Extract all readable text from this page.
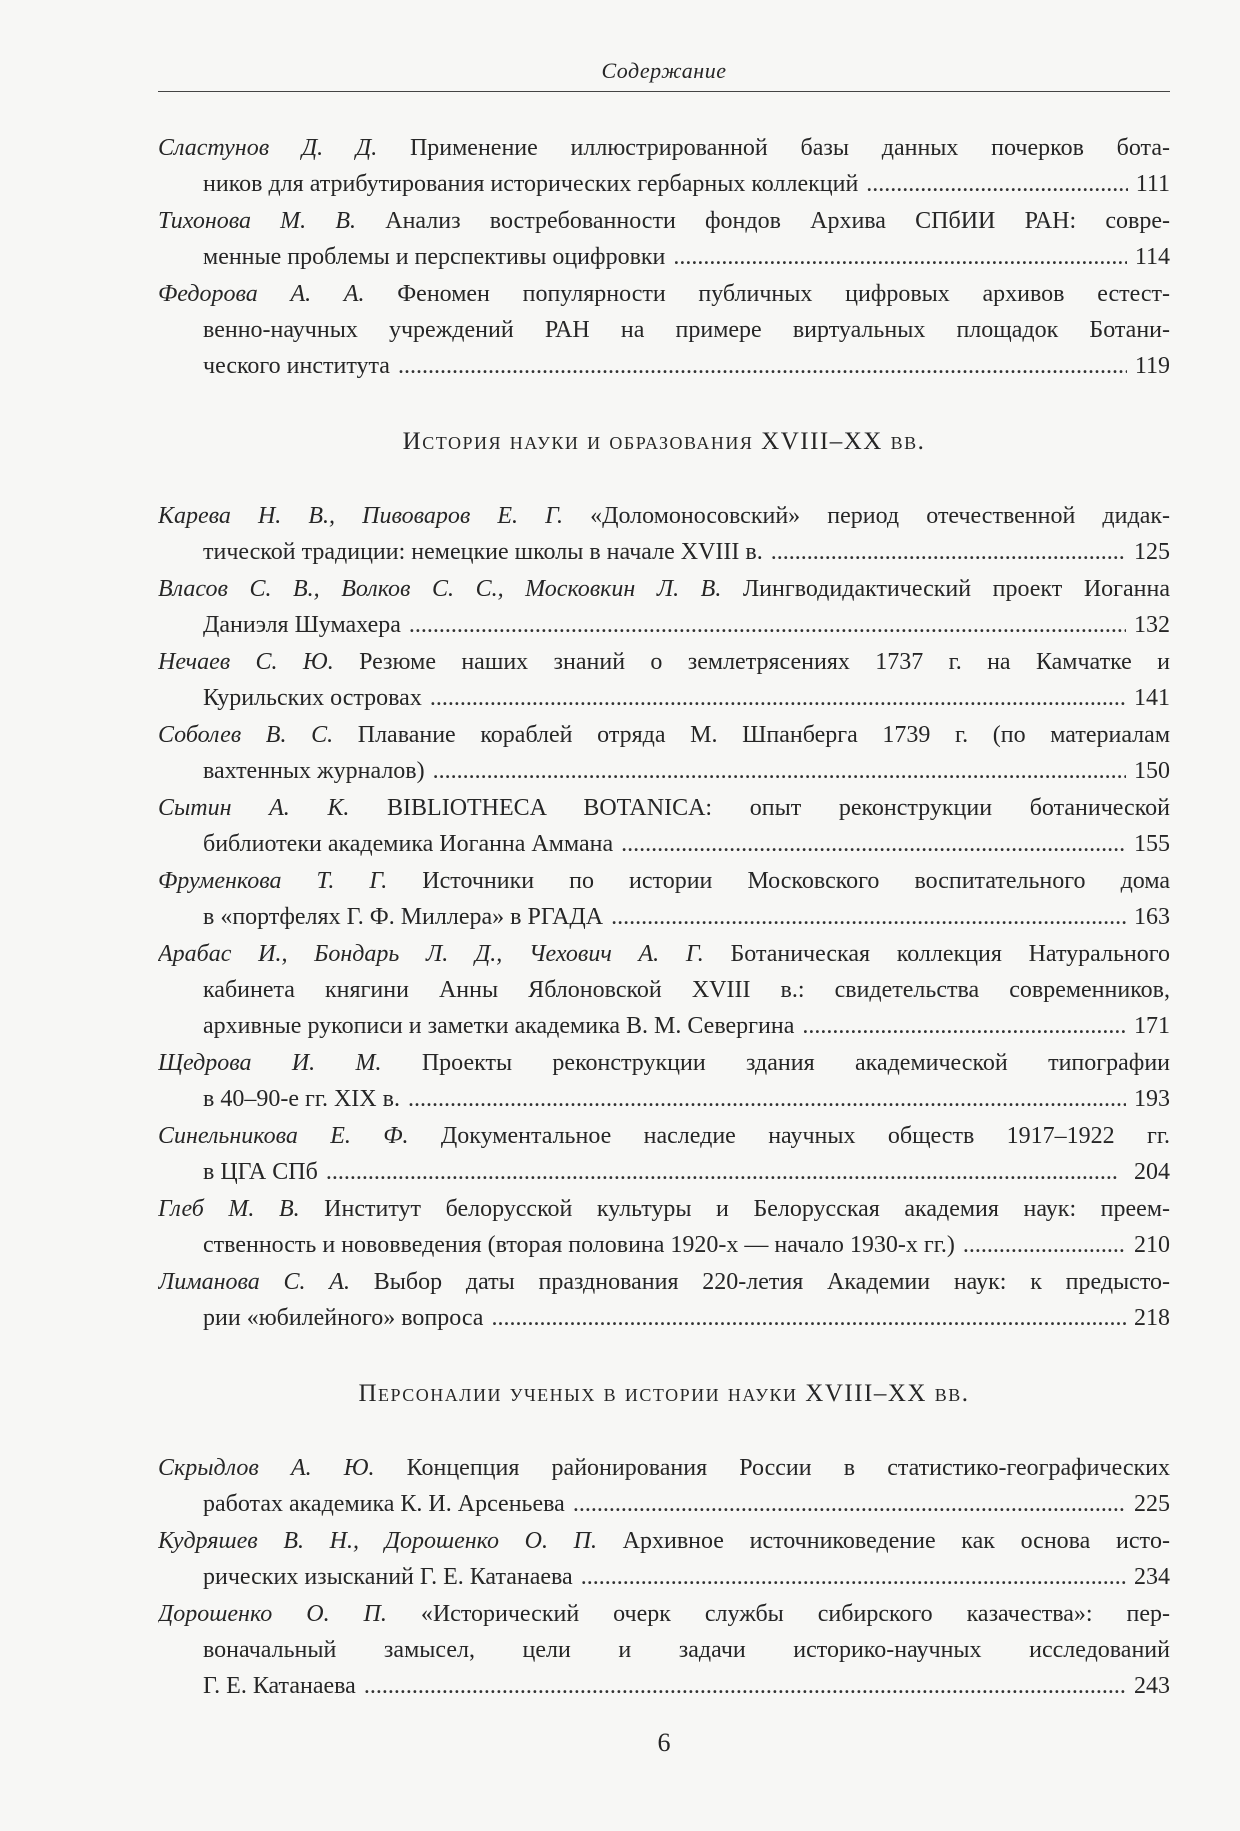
Содержание
Сластунов Д. Д. Применение иллюстрированной базы данных почерков бота-
ников для атрибутирования исторических гербарных коллекций . . .	111
Тихонова М. В. Анализ востребованности фондов Архива СПбИИ РАН: совре-
менные проблемы и перспективы оцифровки . . .	114
Федорова А. А. Феномен популярности публичных цифровых архивов естест-
венно-научных учреждений РАН на примере виртуальных площадок Ботани-
ческого института . . .	119
История науки и образования XVIII–XX вв.
Карева Н. В., Пивоваров Е. Г. «Доломоносовский» период отечественной дидак-
тической традиции: немецкие школы в начале XVIII в. . . .	125
Власов С. В., Волков С. С., Московкин Л. В. Лингводидактический проект Иоганна
Даниэля Шумахера . . .	132
Нечаев С. Ю. Резюме наших знаний о землетрясениях 1737 г. на Камчатке и
Курильских островах . . .	141
Соболев В. С. Плавание кораблей отряда М. Шпанберга 1739 г. (по материалам
вахтенных журналов) . . .	150
Сытин А. К. BIBLIOTHECA BOTANICA: опыт реконструкции ботанической
библиотеки академика Иоганна Аммана . . .	155
Фруменкова Т. Г. Источники по истории Московского воспитательного дома
в «портфелях Г. Ф. Миллера» в РГАДА . . .	163
Арабас И., Бондарь Л. Д., Чехович А. Г. Ботаническая коллекция Натурального
кабинета княгини Анны Яблоновской XVIII в.: свидетельства современников,
архивные рукописи и заметки академика В. М. Севергина . . .	171
Щедрова И. М. Проекты реконструкции здания академической типографии
в 40–90-е гг. XIX в. . . .	193
Синельникова Е. Ф. Документальное наследие научных обществ 1917–1922 гг.
в ЦГА СПб . . .	204
Глеб М. В. Институт белорусской культуры и Белорусская академия наук: преем-
ственность и нововведения (вторая половина 1920-х — начало 1930-х гг.) . . .	210
Лиманова С. А. Выбор даты празднования 220-летия Академии наук: к предысто-
рии «юбилейного» вопроса . . .	218
Персоналии ученых в истории науки XVIII–XX вв.
Скрыдлов А. Ю. Концепция районирования России в статистико-географических
работах академика К. И. Арсеньева . . .	225
Кудряшев В. Н., Дорошенко О. П. Архивное источниковедение как основа истo-
рических изысканий Г. Е. Катанаева . . .	234
Дорошенко О. П. «Исторический очерк службы сибирского казачества»: пер-
воначальный замысел, цели и задачи историко-научных исследований
Г. Е. Катанаева . . .	243
6
